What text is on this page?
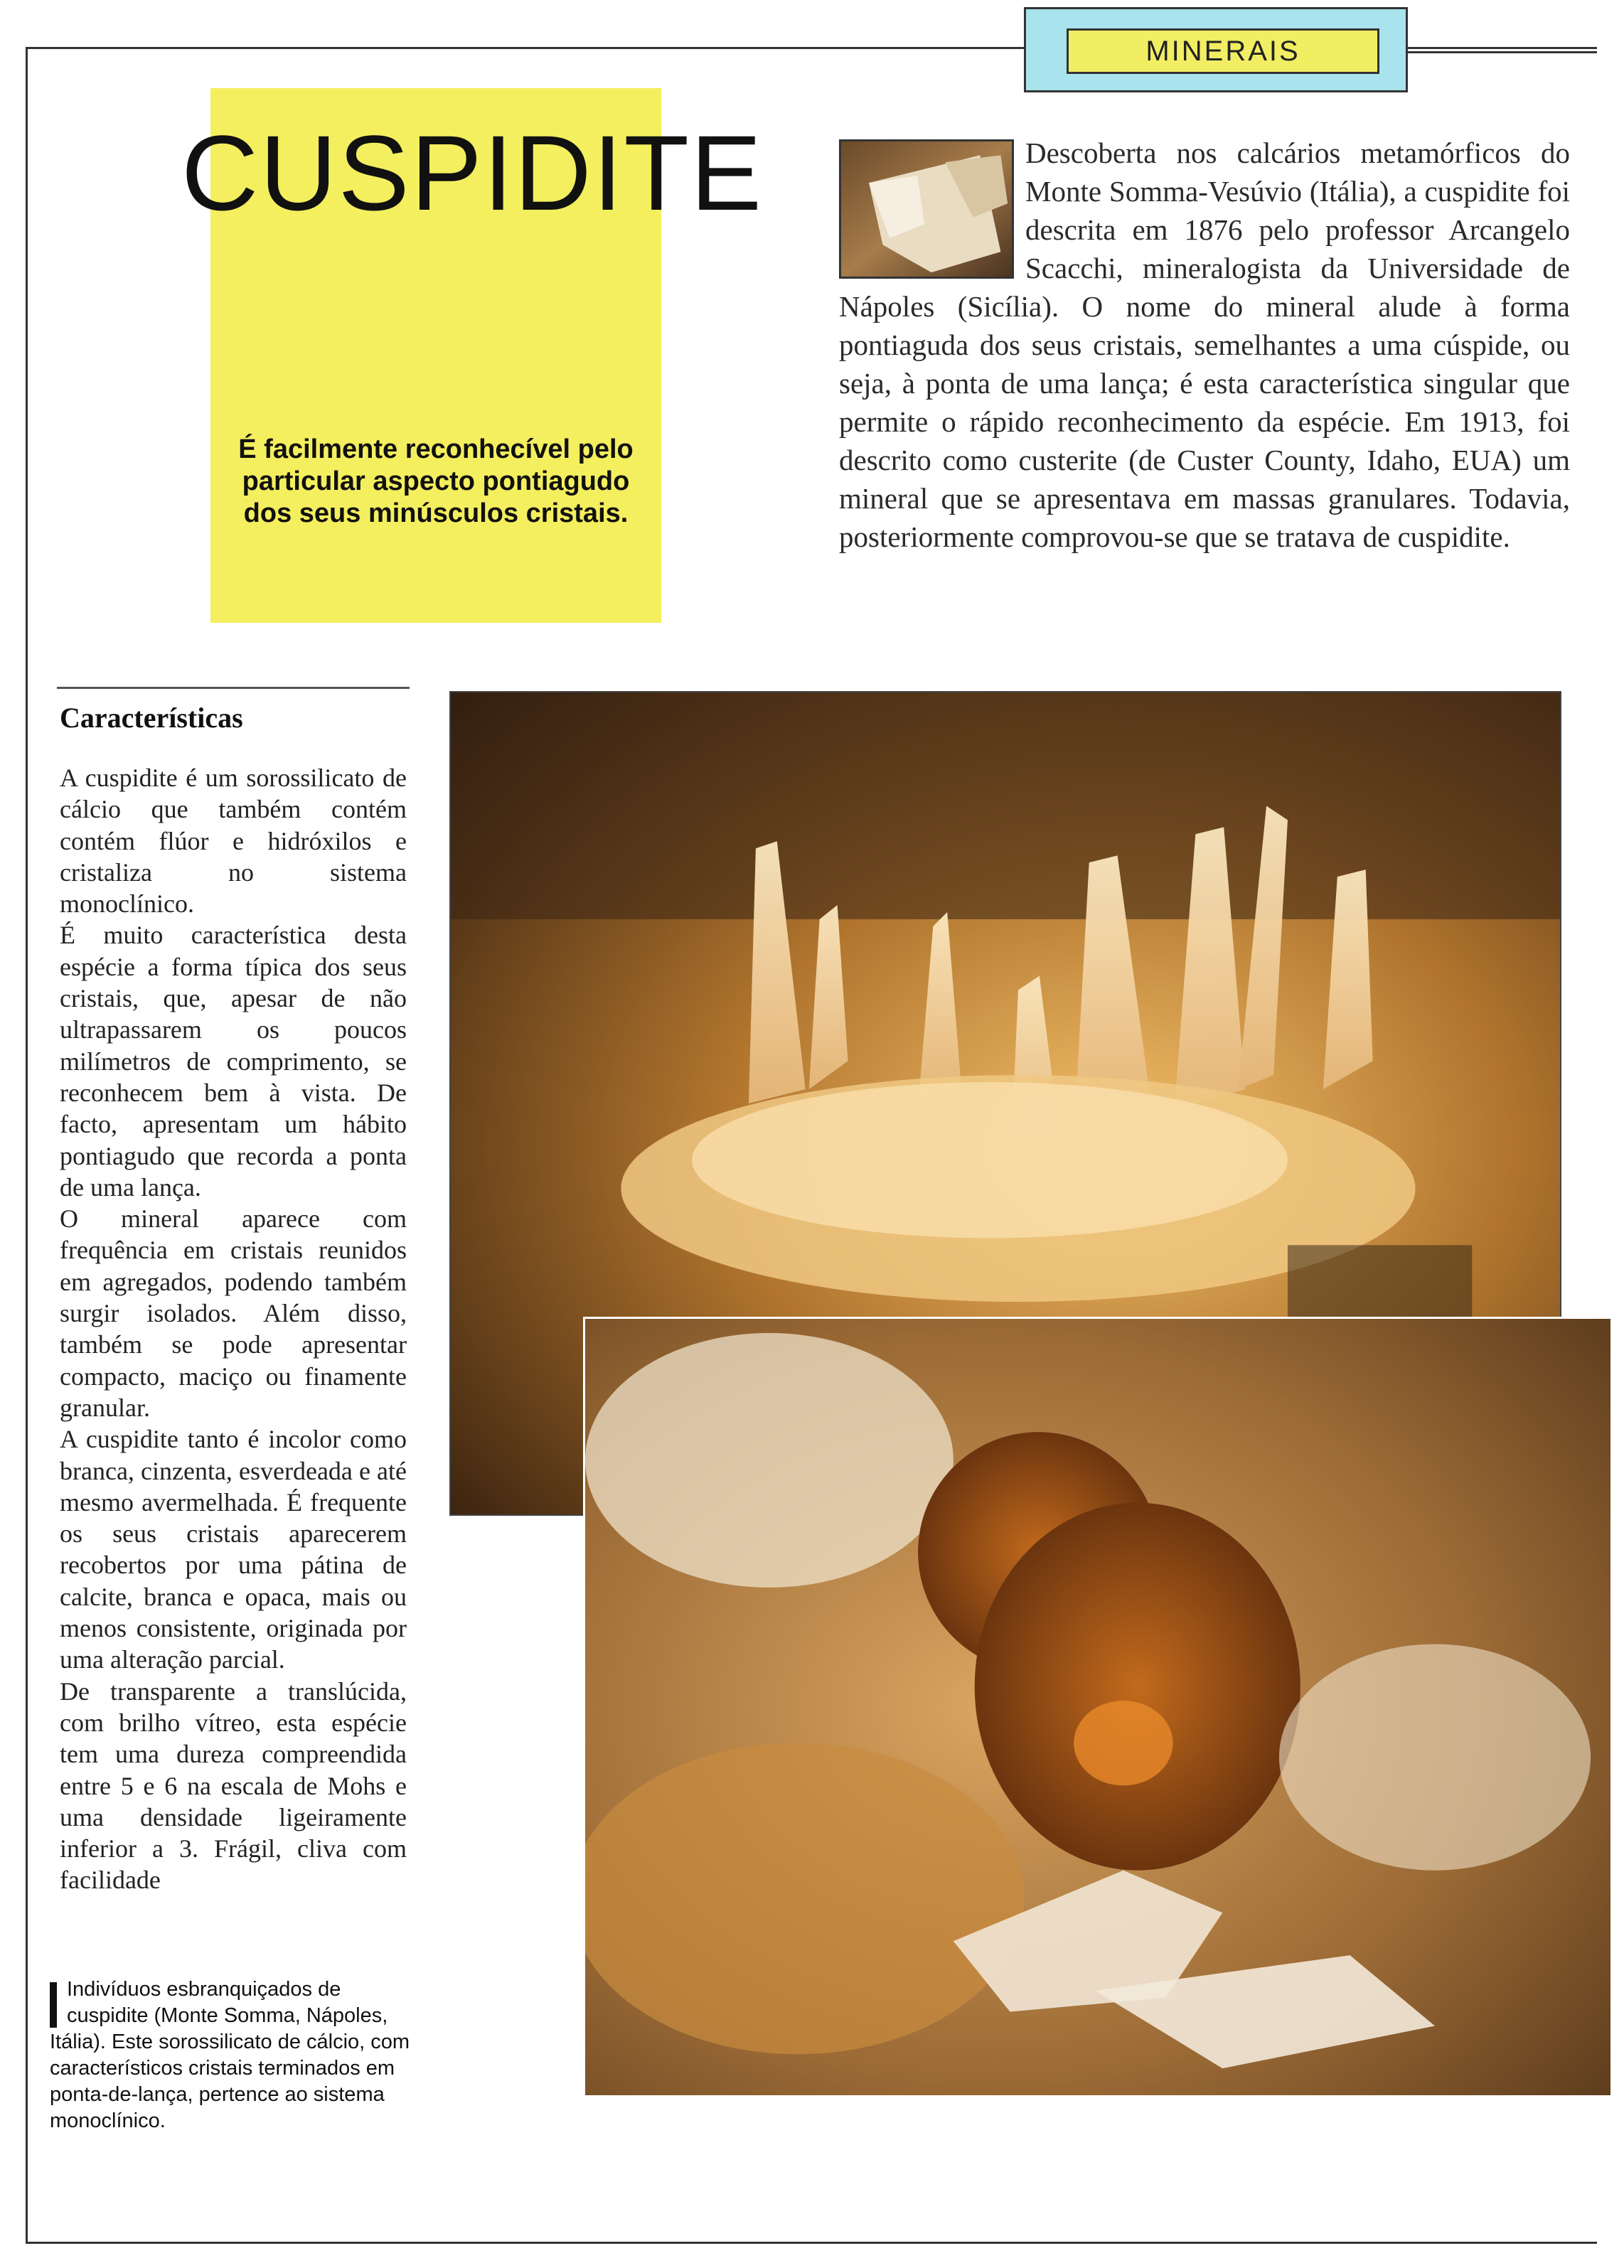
MINERAIS
CUSPIDITE

É facilmente reconhecível pelo particular aspecto pontiagudo dos seus minúsculos cristais.

Descoberta nos calcários metamórficos do Monte Somma-Vesúvio (Itália), a cuspidite foi descrita em 1876 pelo professor Arcangelo Scacchi, mineralogista da Universidade de Nápoles (Sicília). O nome do mineral alude à forma pontiaguda dos seus cristais, semelhantes a uma cúspide, ou seja, à ponta de uma lança; é esta característica singular que permite o rápido reconhecimento da espécie. Em 1913, foi descrito como custerite (de Custer County, Idaho, EUA) um mineral que se apresentava em massas granulares. Todavia, posteriormente comprovou-se que se tratava de cuspidite.

Características

A cuspidite é um sorossilicato de cálcio que também contém contém flúor e hidróxilos e cristaliza no sistema monoclínico.

É muito característica desta espécie a forma típica dos seus cristais, que, apesar de não ultrapassarem os poucos milímetros de comprimento, se reconhecem bem à vista. De facto, apresentam um hábito pontiagudo que recorda a ponta de uma lança.

O mineral aparece com frequência em cristais reunidos em agregados, podendo também surgir isolados. Além disso, também se pode apresentar compacto, maciço ou finamente granular.

A cuspidite tanto é incolor como branca, cinzenta, esverdeada e até mesmo avermelhada. É frequente os seus cristais aparecerem recobertos por uma pátina de calcite, branca e opaca, mais ou menos consistente, originada por uma alteração parcial.

De transparente a translúcida, com brilho vítreo, esta espécie tem uma dureza compreendida entre 5 e 6 na escala de Mohs e uma densidade ligeiramente inferior a 3. Frágil, cliva com facilidade

Indivíduos esbranquiçados de cuspidite (Monte Somma, Nápoles, Itália). Este sorossilicato de cálcio, com característicos cristais terminados em ponta-de-lança, pertence ao sistema monoclínico.
